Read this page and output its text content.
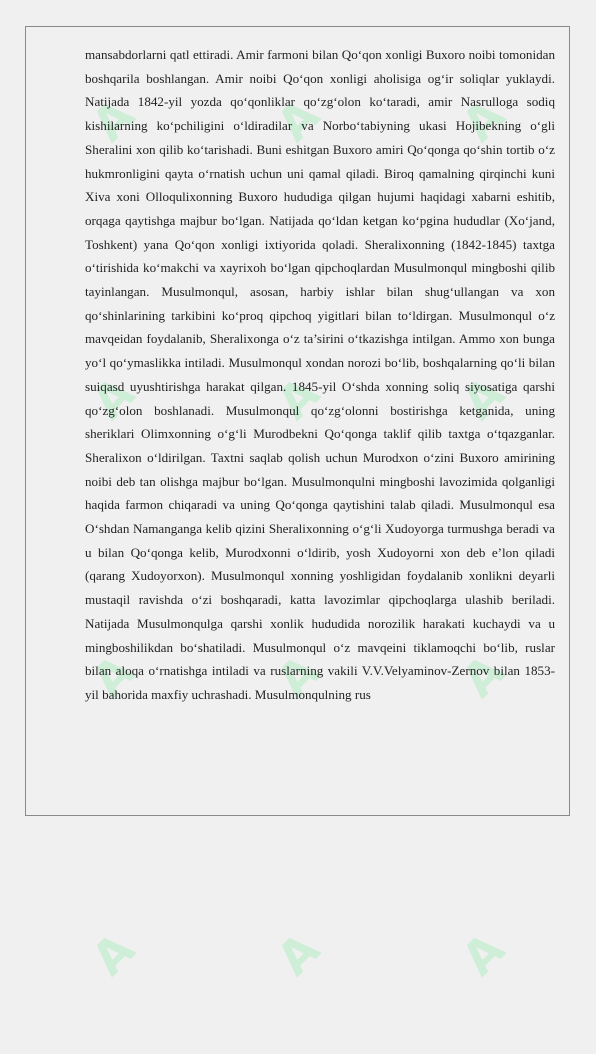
A
A
A
A
A
A
A
A
A
A
A
A

mansabdorlarni qatl ettiradi. Amir farmoni bilan Qo‘qon xonligi Buxoro noibi tomonidan boshqarila boshlangan. Amir noibi Qo‘qon xonligi aholisiga og‘ir soliqlar yuklaydi. Natijada 1842-yil yozda qo‘qonliklar qo‘zg‘olon ko‘taradi, amir Nasrulloga sodiq kishilarning ko‘pchiligini o‘ldiradilar va Norbo‘tabiyning ukasi Hojibekning o‘gli Sheralini xon qilib ko‘tarishadi. Buni eshitgan Buxoro amiri Qo‘qonga qo‘shin tortib o‘z hukmronligini qayta o‘rnatish uchun uni qamal qiladi. Biroq qamalning qirqinchi kuni Xiva xoni Olloqulixonning Buxoro hududiga qilgan hujumi haqidagi xabarni eshitib, orqaga qaytishga majbur bo‘lgan. Natijada qo‘ldan ketgan ko‘pgina hududlar (Xo‘jand, Toshkent) yana Qo‘qon xonligi ixtiyorida qoladi. Sheralixonning (1842-1845) taxtga o‘tirishida ko‘makchi va xayrixoh bo‘lgan qipchoqlardan Musulmonqul mingboshi qilib tayinlangan. Musulmonqul, asosan, harbiy ishlar bilan shug‘ullangan va xon qo‘shinlarining tarkibini ko‘proq qipchoq yigitlari bilan to‘ldirgan. Musulmonqul o‘z mavqeidan foydalanib, Sheralixonga o‘z ta’sirini o‘tkazishga intilgan. Ammo xon bunga yo‘l qo‘ymaslikka intiladi. Musulmonqul xondan norozi bo‘lib, boshqalarning qo‘li bilan suiqasd uyushtirishga harakat qilgan. 1845-yil O‘shda xonning soliq siyosatiga qarshi qo‘zg‘olon boshlanadi. Musulmonqul qo‘zg‘olonni bostirishga ketganida, uning sheriklari Olimxonning o‘g‘li Murodbekni Qo‘qonga taklif qilib taxtga o‘tqazganlar. Sheralixon o‘ldirilgan. Taxtni saqlab qolish uchun Murodxon o‘zini Buxoro amirining noibi deb tan olishga majbur bo‘lgan. Musulmonqulni mingboshi lavozimida qolganligi haqida farmon chiqaradi va uning Qo‘qonga qaytishini talab qiladi. Musulmonqul esa O‘shdan Namanganga kelib qizini Sheralixonning o‘g‘li Xudoyorga turmushga beradi va u bilan Qo‘qonga kelib, Murodxonni o‘ldirib, yosh Xudoyorni xon deb e’lon qiladi (qarang Xudoyorxon). Musulmonqul xonning yoshligidan foydalanib xonlikni deyarli mustaqil ravishda o‘zi boshqaradi, katta lavozimlar qipchoqlarga ulashib beriladi. Natijada Musulmonqulga qarshi xonlik hududida norozilik harakati kuchaydi va u mingboshilikdan bo‘shatiladi. Musulmonqul o‘z mavqeini tiklamoqchi bo‘lib, ruslar bilan aloqa o‘rnatishga intiladi va ruslarning vakili V.V.Velyaminov-Zernov bilan 1853-yil bahorida maxfiy uchrashadi. Musulmonqulning rus
